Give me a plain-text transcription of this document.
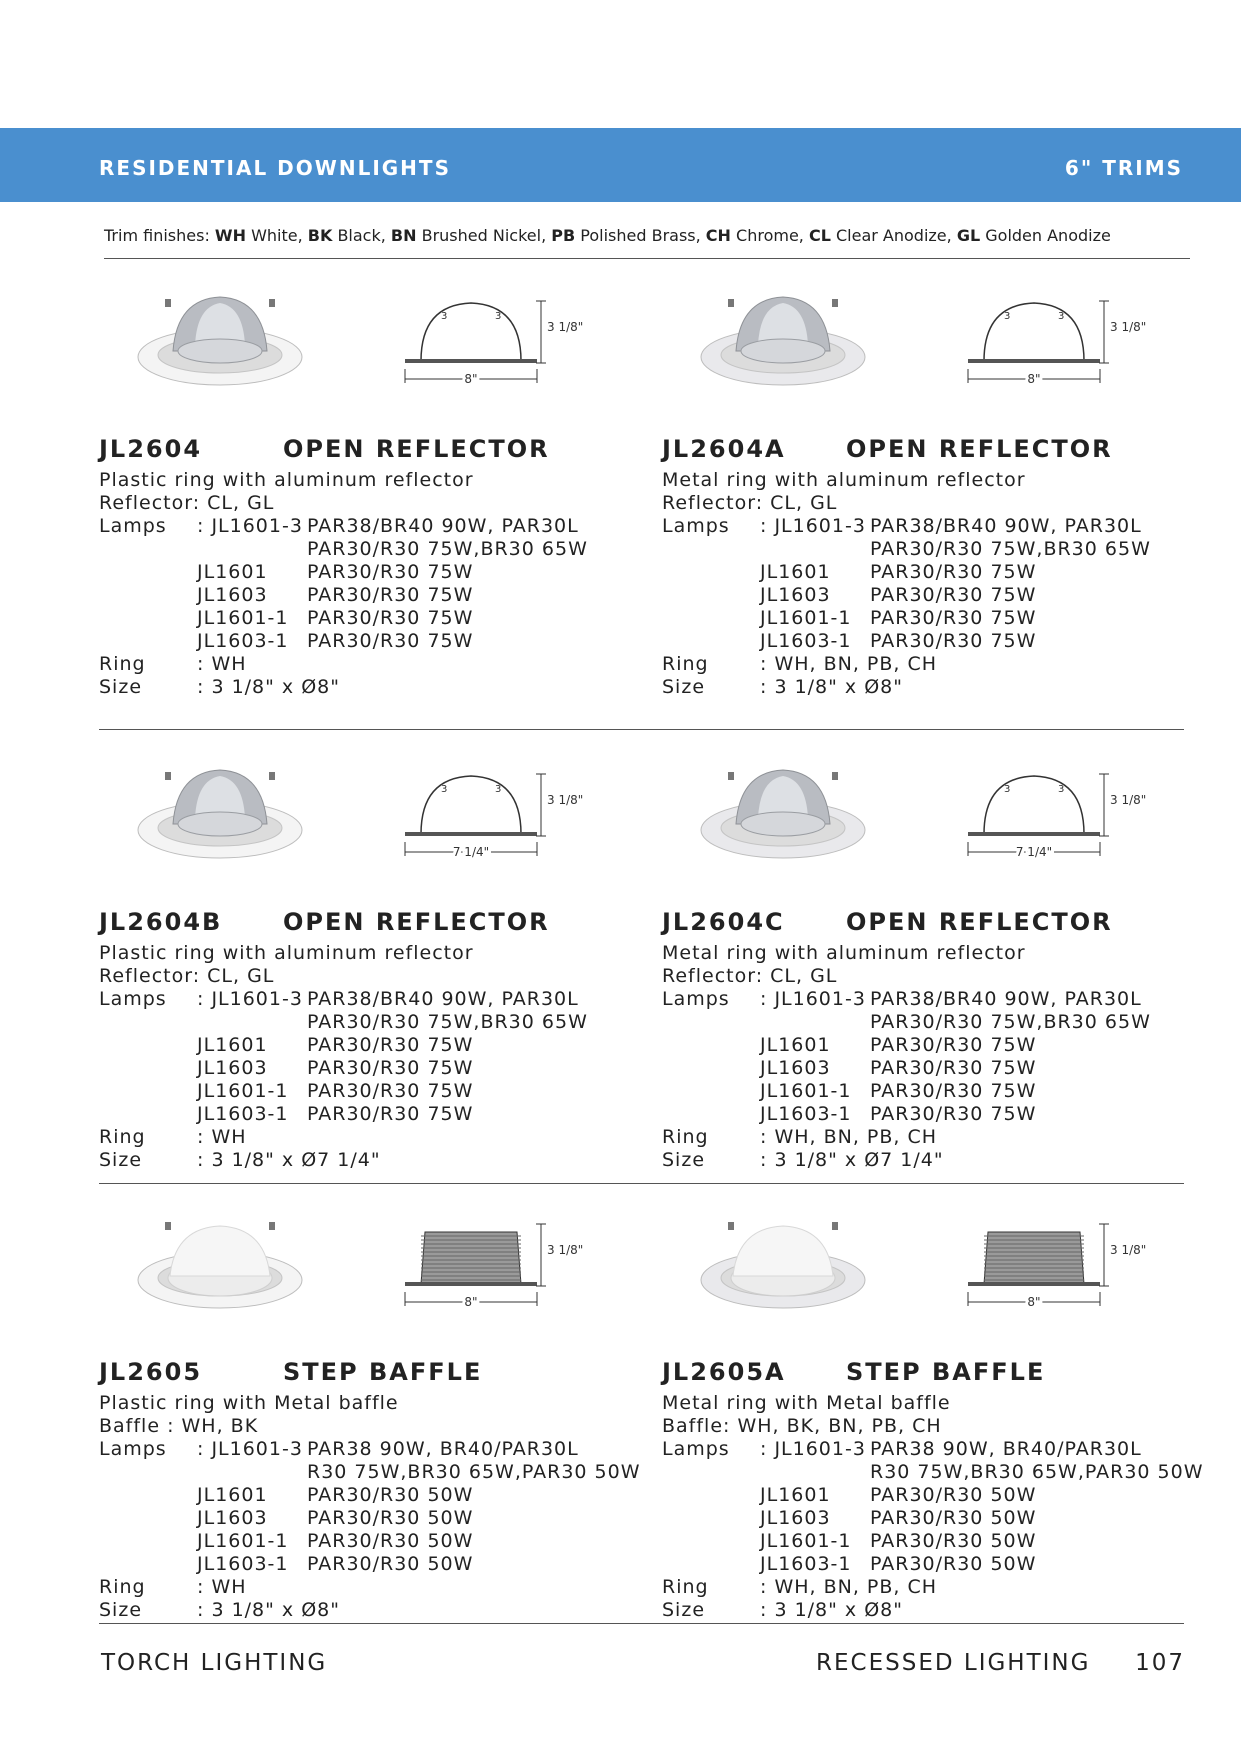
RESIDENTIAL DOWNLIGHTS	6" TRIMS
Trim finishes: WH White, BK Black, BN Brushed Nickel, PB Polished Brass, CH Chrome, CL Clear Anodize, GL Golden Anodize
3	3
3 1/8"
8"
JL2604	OPEN REFLECTOR
Plastic ring with aluminum reflector
Reflector: CL, GL
Lamps : JL1601-3 PAR38/BR40 90W, PAR30L
PAR30/R30 75W,BR30 65W
JL1601 PAR30/R30 75W
JL1603 PAR30/R30 75W
JL1601-1 PAR30/R30 75W
JL1603-1 PAR30/R30 75W
Ring	: WH
Size	: 3 1/8" x Ø8"
3	3
3 1/8"
8"
JL2604A	OPEN REFLECTOR
Metal ring with aluminum reflector
Reflector: CL, GL
Lamps : JL1601-3 PAR38/BR40 90W, PAR30L
PAR30/R30 75W,BR30 65W
JL1601 PAR30/R30 75W
JL1603 PAR30/R30 75W
JL1601-1 PAR30/R30 75W
JL1603-1 PAR30/R30 75W
Ring	: WH, BN, PB, CH
Size	: 3 1/8" x Ø8"
3	3
3 1/8"
7 1/4"
JL2604B	OPEN REFLECTOR
Plastic ring with aluminum reflector
Reflector: CL, GL
Lamps : JL1601-3 PAR38/BR40 90W, PAR30L
PAR30/R30 75W,BR30 65W
JL1601 PAR30/R30 75W
JL1603 PAR30/R30 75W
JL1601-1 PAR30/R30 75W
JL1603-1 PAR30/R30 75W
Ring	: WH
Size	: 3 1/8" x Ø7 1/4"
3	3
3 1/8"
7 1/4"
JL2604C	OPEN REFLECTOR
Metal ring with aluminum reflector
Reflector: CL, GL
Lamps : JL1601-3 PAR38/BR40 90W, PAR30L
PAR30/R30 75W,BR30 65W
JL1601 PAR30/R30 75W
JL1603 PAR30/R30 75W
JL1601-1 PAR30/R30 75W
JL1603-1 PAR30/R30 75W
Ring	: WH, BN, PB, CH
Size	: 3 1/8" x Ø7 1/4"
3 1/8"
8"
JL2605	STEP BAFFLE
Plastic ring with Metal baffle
Baffle : WH, BK
Lamps : JL1601-3 PAR38 90W, BR40/PAR30L
R30 75W,BR30 65W,PAR30 50W
JL1601 PAR30/R30 50W
JL1603 PAR30/R30 50W
JL1601-1 PAR30/R30 50W
JL1603-1 PAR30/R30 50W
Ring	: WH
Size	: 3 1/8" x Ø8"
3 1/8"
8"
JL2605A	STEP BAFFLE
Metal ring with Metal baffle
Baffle: WH, BK, BN, PB, CH
Lamps : JL1601-3 PAR38 90W, BR40/PAR30L
R30 75W,BR30 65W,PAR30 50W
JL1601 PAR30/R30 50W
JL1603 PAR30/R30 50W
JL1601-1 PAR30/R30 50W
JL1603-1 PAR30/R30 50W
Ring	: WH, BN, PB, CH
Size	: 3 1/8" x Ø8"
TORCH LIGHTING	RECESSED LIGHTING 107
